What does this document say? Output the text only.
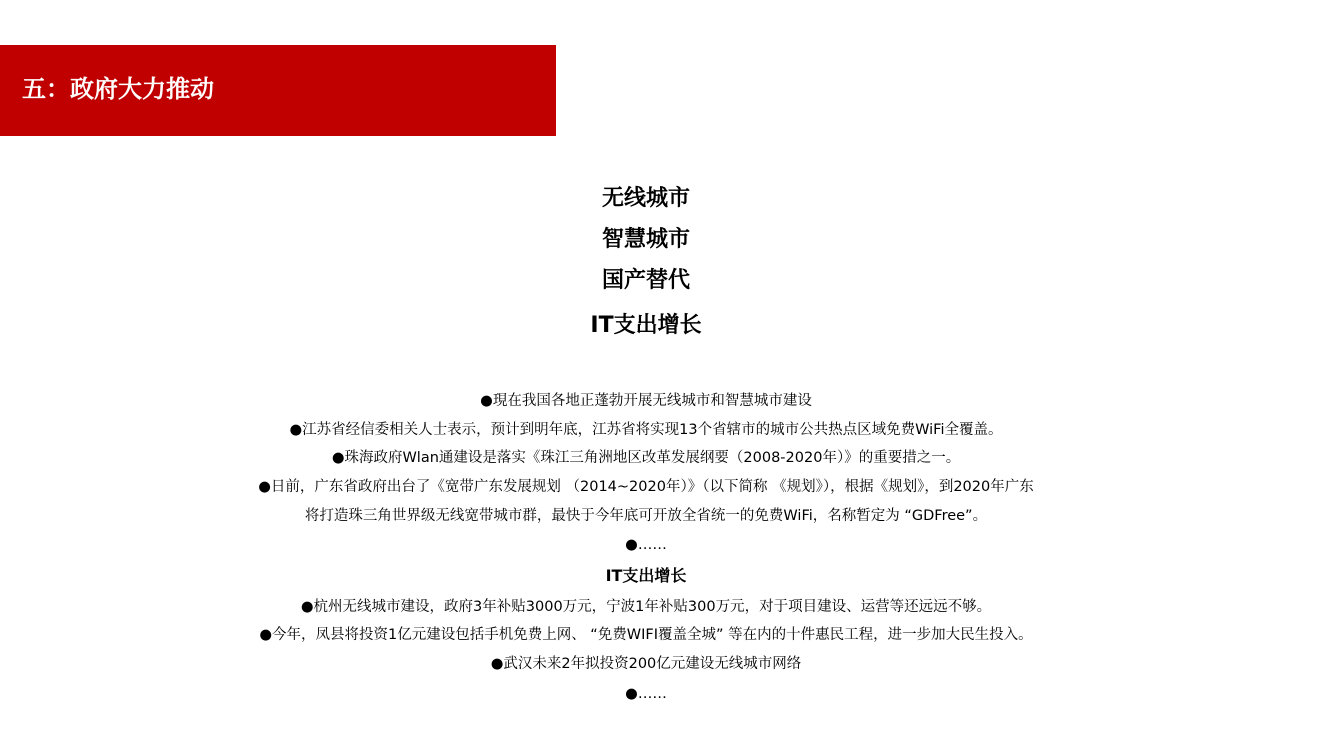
五：政府大力推动
无线城市
智慧城市
国产替代
IT支出增长
●現在我国各地正蓬勃开展无线城市和智慧城市建设
●江苏省经信委相关人士表示，预计到明年底，江苏省将实现13个省辖市的城市公共热点区域免费WiFi全覆盖。
●珠海政府Wlan通建设是落实《珠江三角洲地区改革发展纲要（2008-2020年）》的重要措之一。
●日前，广东省政府出台了《宽带广东发展规划 （2014~2020年）》（以下简称 《规划》），根据《规划》，到2020年广东
将打造珠三角世界级无线宽带城市群，最快于今年底可开放全省统一的免费WiFi，名称暂定为 “GDFree”。
●……
IT支出增长
●杭州无线城市建设，政府3年补贴3000万元，宁波1年补贴300万元，对于项目建设、运营等还远远不够。
●今年，凤县将投资1亿元建设包括手机免费上网、 “免费WIFI覆盖全城” 等在内的十件惠民工程，进一步加大民生投入。
●武汉未来2年拟投资200亿元建设无线城市网络
●……
